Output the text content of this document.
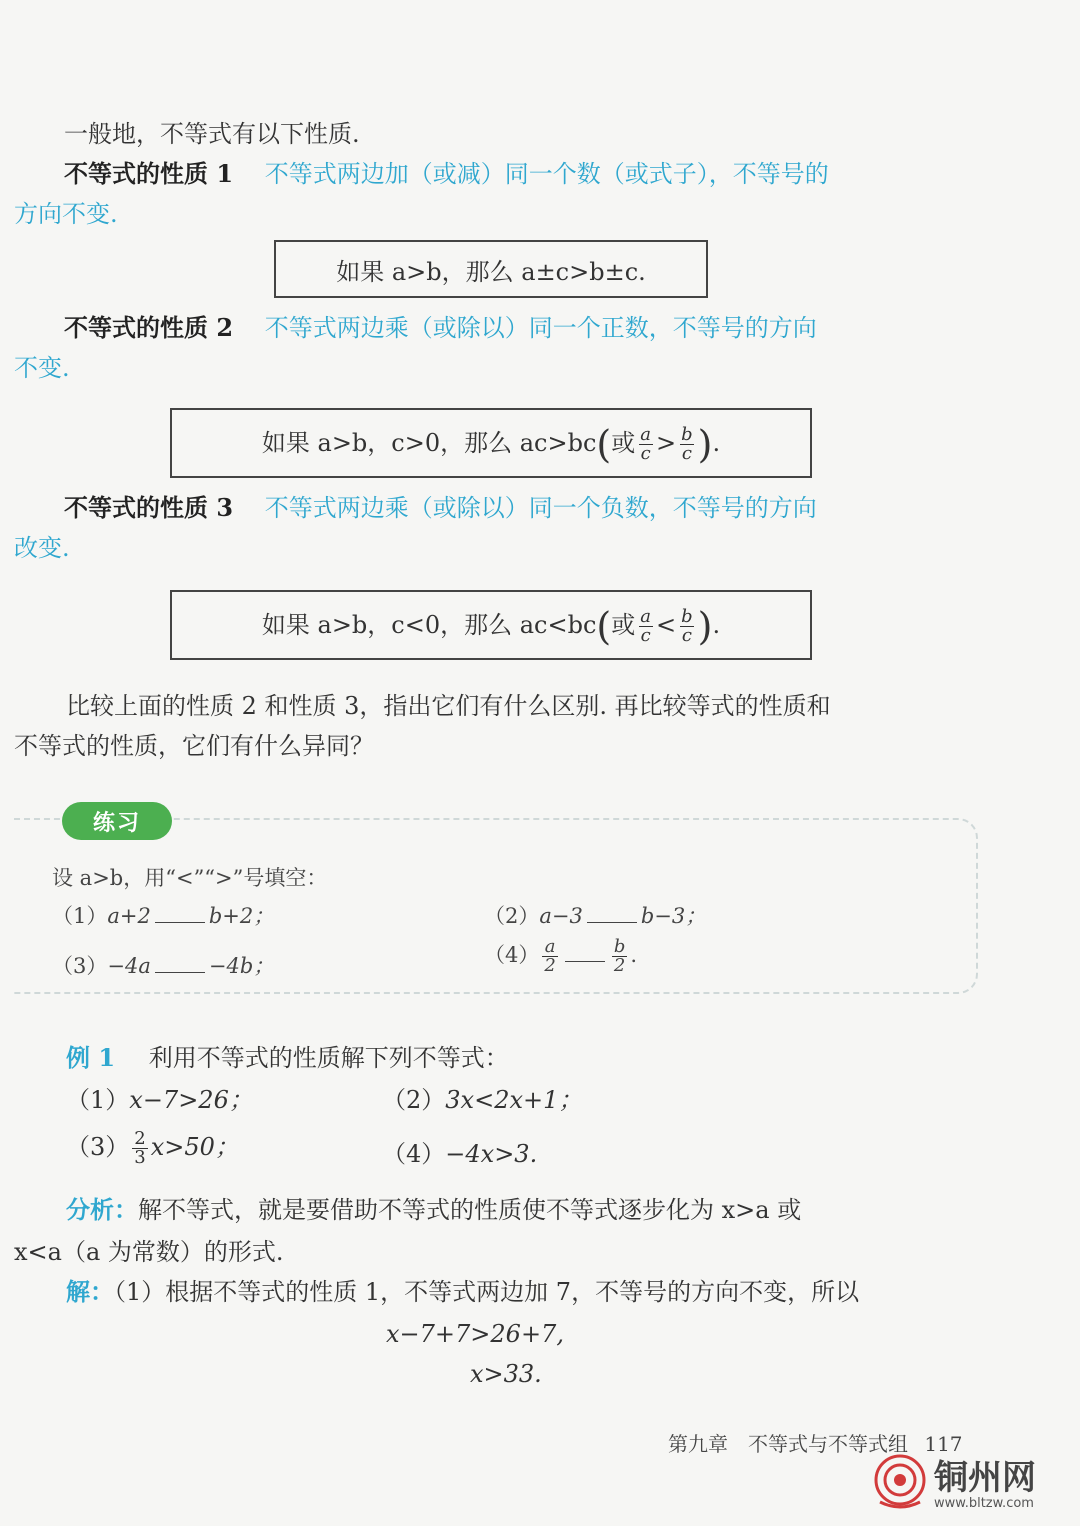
一般地，不等式有以下性质.
不等式的性质 1 不等式两边加（或减）同一个数（或式子），不等号的
方向不变.
如果 a>b，那么 a±c>b±c.
不等式的性质 2 不等式两边乘（或除以）同一个正数，不等号的方向
不变.
如果 a>b，c>0，那么 ac>bc(或 $\frac{a}{c} > \frac{b}{c}$ ).
不等式的性质 3 不等式两边乘（或除以）同一个负数，不等号的方向
改变.
如果 a>b，c<0，那么 ac<bc(或 $\frac{a}{c} < \frac{b}{c}$ ).
比较上面的性质 2 和性质 3，指出它们有什么区别. 再比较等式的性质和
不等式的性质，它们有什么异同？
练习
设 a>b，用“<”“>”号填空：
（1）a+2	b+2；	（2）a−3	b−3；
（3）−4a	−4b；	$(4) \frac{a}{2}$	$\frac{b}{2}$ .
例 1 利用不等式的性质解下列不等式：
（1）x−7>26；	（2）3x<2x+1；
$(3) \frac{2}{3} x>50$；	（4）−4x>3.
分析：解不等式，就是要借助不等式的性质使不等式逐步化为 x>a 或
x<a（a 为常数）的形式.
解：（1）根据不等式的性质 1，不等式两边加 7，不等号的方向不变，所以
x−7+7>26+7,
x>33.
第九章　不等式与不等式组 117
铜州网
www.bltzw.com
